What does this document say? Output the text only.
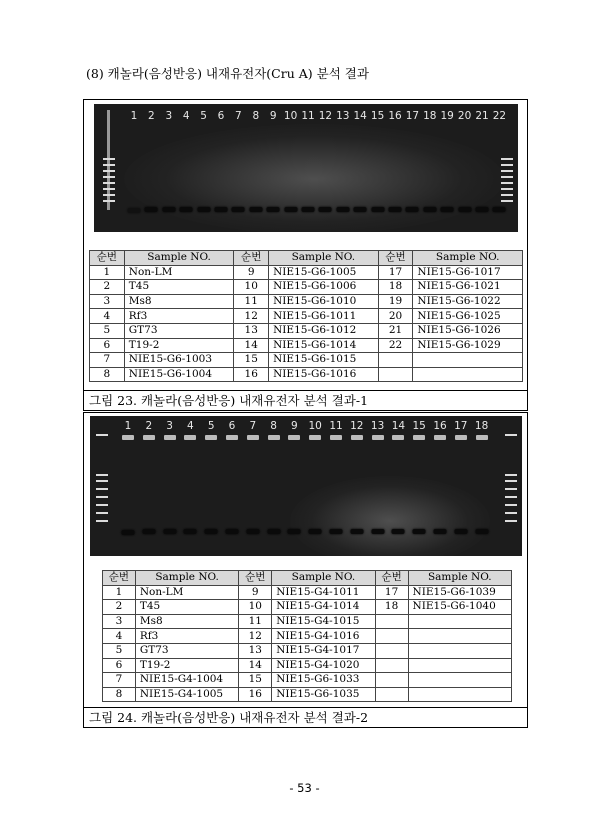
(8) 캐놀라(음성반응) 내재유전자(Cru A) 분석 결과
1 2 3 4 5 6 7 8 9 10 11 12 13 14 15 16 17 18 19 20 21 22
순번	Sample NO.	순번	Sample NO.	순번	Sample NO.
1	Non-LM	9	NIE15-G6-1005	17	NIE15-G6-1017
2	T45	10	NIE15-G6-1006	18	NIE15-G6-1021
3	Ms8	11	NIE15-G6-1010	19	NIE15-G6-1022
4	Rf3	12	NIE15-G6-1011	20	NIE15-G6-1025
5	GT73	13	NIE15-G6-1012	21	NIE15-G6-1026
6	T19-2	14	NIE15-G6-1014	22	NIE15-G6-1029
7	NIE15-G6-1003	15	NIE15-G6-1015		
8	NIE15-G6-1004	16	NIE15-G6-1016		
그림 23. 캐놀라(음성반응) 내재유전자 분석 결과-1
1 2 3 4 5 6 7 8 9 10 11 12 13 14 15 16 17 18
순번	Sample NO.	순번	Sample NO.	순번	Sample NO.
1	Non-LM	9	NIE15-G4-1011	17	NIE15-G6-1039
2	T45	10	NIE15-G4-1014	18	NIE15-G6-1040
3	Ms8	11	NIE15-G4-1015		
4	Rf3	12	NIE15-G4-1016		
5	GT73	13	NIE15-G4-1017		
6	T19-2	14	NIE15-G4-1020		
7	NIE15-G4-1004	15	NIE15-G6-1033		
8	NIE15-G4-1005	16	NIE15-G6-1035		
그림 24. 캐놀라(음성반응) 내재유전자 분석 결과-2
- 53 -
